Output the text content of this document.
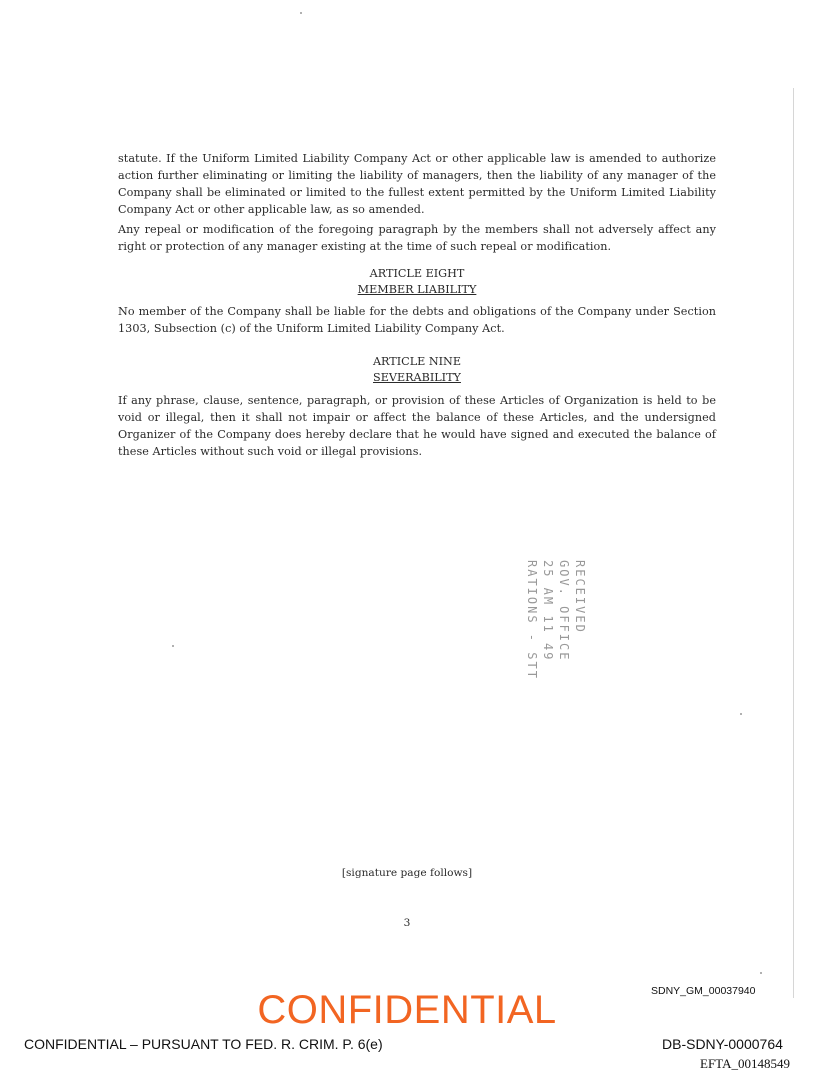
statute. If the Uniform Limited Liability Company Act or other applicable law is amended to authorize action further eliminating or limiting the liability of managers, then the liability of any manager of the Company shall be eliminated or limited to the fullest extent permitted by the Uniform Limited Liability Company Act or other applicable law, as so amended.

Any repeal or modification of the foregoing paragraph by the members shall not adversely affect any right or protection of any manager existing at the time of such repeal or modification.

ARTICLE EIGHT
MEMBER LIABILITY

No member of the Company shall be liable for the debts and obligations of the Company under Section 1303, Subsection (c) of the Uniform Limited Liability Company Act.

ARTICLE NINE
SEVERABILITY

If any phrase, clause, sentence, paragraph, or provision of these Articles of Organization is held to be void or illegal, then it shall not impair or affect the balance of these Articles, and the undersigned Organizer of the Company does hereby declare that he would have signed and executed the balance of these Articles without such void or illegal provisions.

RECEIVED
GOV. OFFICE
25 AM 11 49
RATIONS - STT
[signature page follows]
3
SDNY_GM_00037940
CONFIDENTIAL
CONFIDENTIAL – PURSUANT TO FED. R. CRIM. P. 6(e)	DB-SDNY-0000764
EFTA_00148549
